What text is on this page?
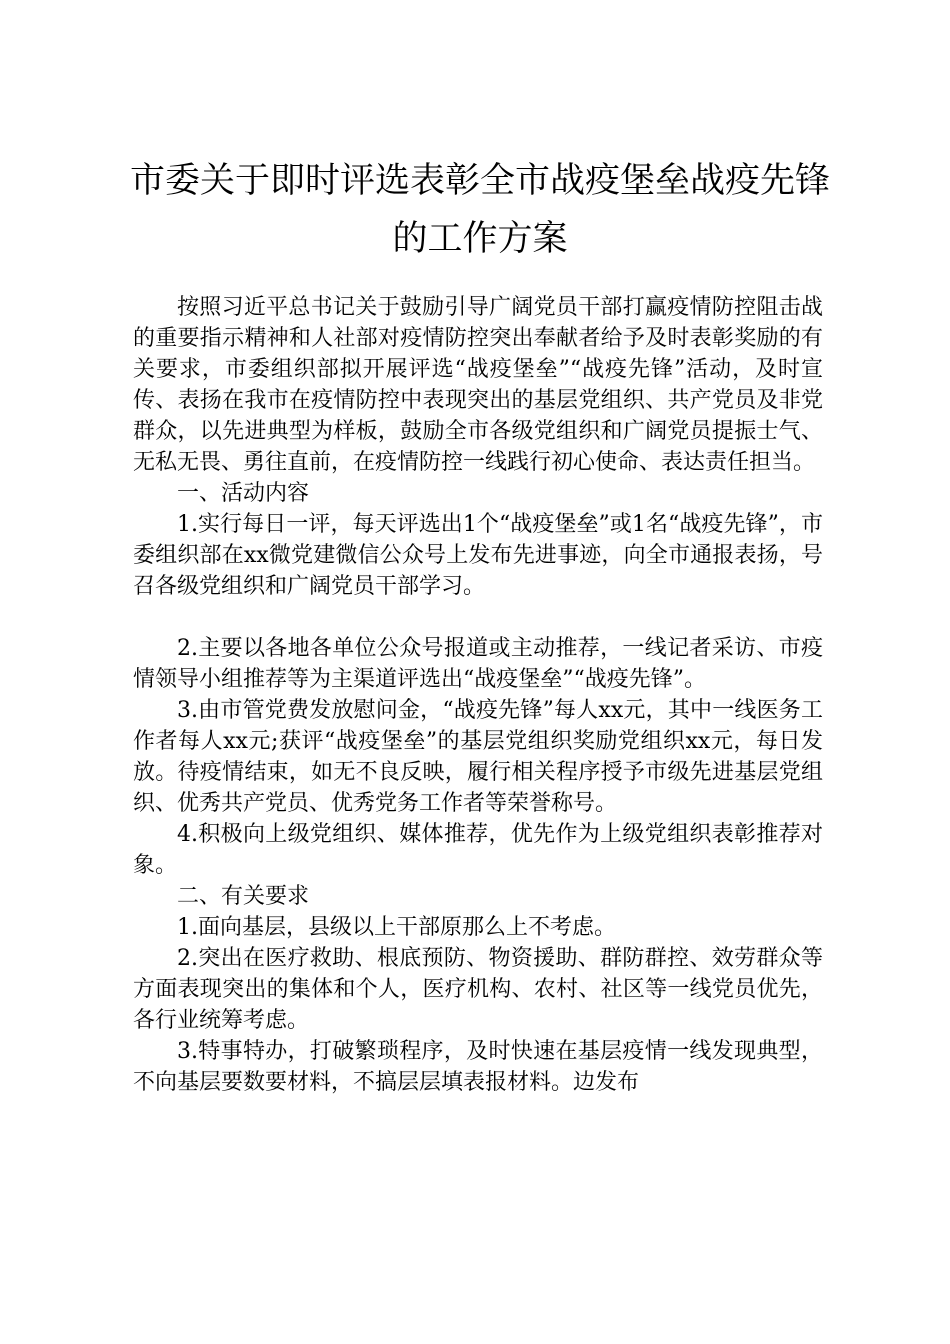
市委关于即时评选表彰全市战疫堡垒战疫先锋
的工作方案

按照习近平总书记关于鼓励引导广阔党员干部打赢疫情防控阻击战的重要指示精神和人社部对疫情防控突出奉献者给予及时表彰奖励的有关要求，市委组织部拟开展评选“战疫堡垒”“战疫先锋”活动，及时宣传、表扬在我市在疫情防控中表现突出的基层党组织、共产党员及非党群众，以先进典型为样板，鼓励全市各级党组织和广阔党员提振士气、无私无畏、勇往直前，在疫情防控一线践行初心使命、表达责任担当。

一、活动内容

1.实行每日一评，每天评选出1个“战疫堡垒”或1名“战疫先锋”，市委组织部在xx微党建微信公众号上发布先进事迹，向全市通报表扬，号召各级党组织和广阔党员干部学习。

2.主要以各地各单位公众号报道或主动推荐，一线记者采访、市疫情领导小组推荐等为主渠道评选出“战疫堡垒”“战疫先锋”。

3.由市管党费发放慰问金，“战疫先锋”每人xx元，其中一线医务工作者每人xx元;获评“战疫堡垒”的基层党组织奖励党组织xx元，每日发放。待疫情结束，如无不良反映，履行相关程序授予市级先进基层党组织、优秀共产党员、优秀党务工作者等荣誉称号。

4.积极向上级党组织、媒体推荐，优先作为上级党组织表彰推荐对象。

二、有关要求

1.面向基层，县级以上干部原那么上不考虑。

2.突出在医疗救助、根底预防、物资援助、群防群控、效劳群众等方面表现突出的集体和个人，医疗机构、农村、社区等一线党员优先，各行业统筹考虑。

3.特事特办，打破繁琐程序，及时快速在基层疫情一线发现典型，不向基层要数要材料，不搞层层填表报材料。边发布
